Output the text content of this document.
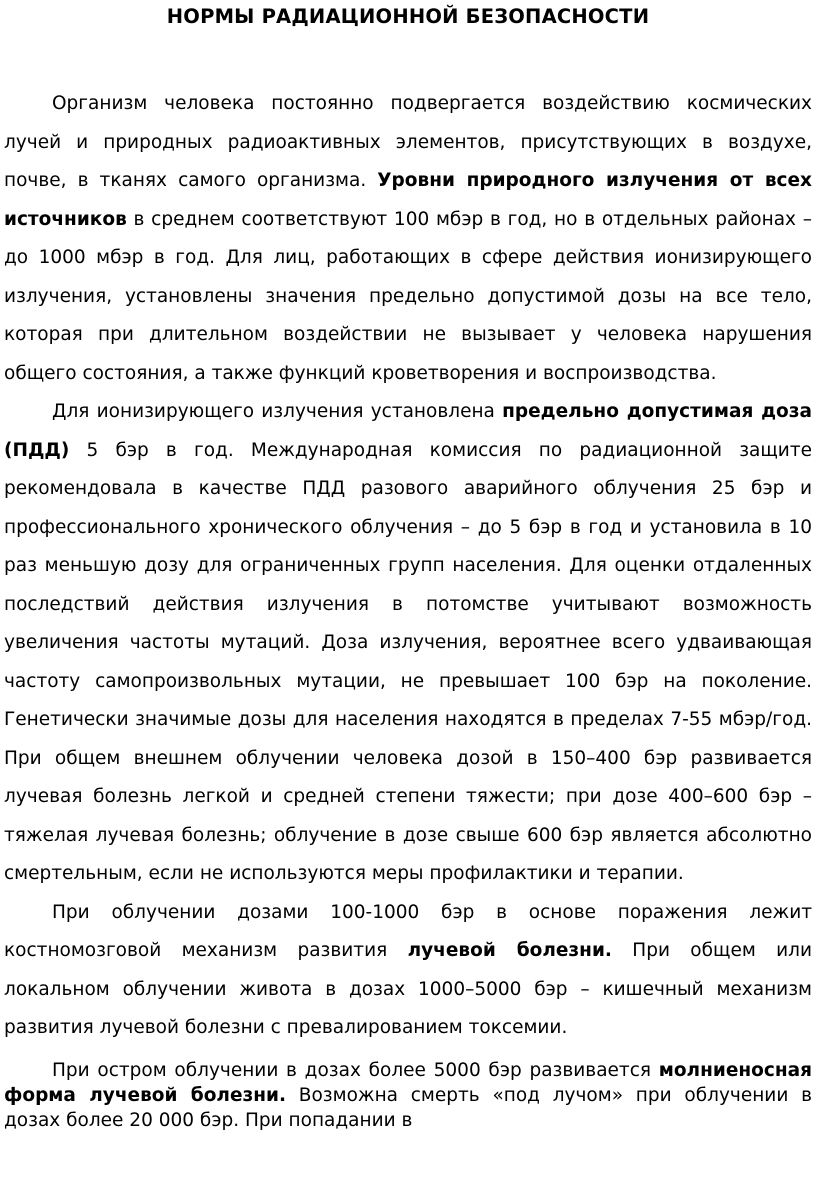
НОРМЫ РАДИАЦИОННОЙ БЕЗОПАСНОСТИ

Организм человека постоянно подвергается воздействию космических лучей и природных радиоактивных элементов, присутствующих в воздухе, почве, в тканях самого организма. Уровни природного излучения от всех источников в среднем соответствуют 100 мбэр в год, но в отдельных районах – до 1000 мбэр в год. Для лиц, работающих в сфере действия ионизирующего излучения, установлены значения предельно допустимой дозы на все тело, которая при длительном воздействии не вызывает у человека нарушения общего состояния, а также функций кроветворения и воспроизводства.

Для ионизирующего излучения установлена предельно допустимая доза (ПДД) 5 бэр в год. Международная комиссия по радиационной защите рекомендовала в качестве ПДД разового аварийного облучения 25 бэр и профессионального хронического облучения – до 5 бэр в год и установила в 10 раз меньшую дозу для ограниченных групп населения. Для оценки отдаленных последствий действия излучения в потомстве учитывают возможность увеличения частоты мутаций. Доза излучения, вероятнее всего удваивающая частоту самопроизвольных мутации, не превышает 100 бэр на поколение. Генетически значимые дозы для населения находятся в пределах 7-55 мбэр/год. При общем внешнем облучении человека дозой в 150–400 бэр развивается лучевая болезнь легкой и средней степени тяжести; при дозе 400–600 бэр – тяжелая лучевая болезнь; облучение в дозе свыше 600 бэр является абсолютно смертельным, если не используются меры профилактики и терапии.

При облучении дозами 100-1000 бэр в основе поражения лежит костномозговой механизм развития лучевой болезни. При общем или локальном облучении живота в дозах 1000–5000 бэр – кишечный механизм развития лучевой болезни с превалированием токсемии.

При остром облучении в дозах более 5000 бэр развивается молниеносная форма лучевой болезни. Возможна смерть «под лучом» при облучении в дозах более 20 000 бэр. При попадании в
